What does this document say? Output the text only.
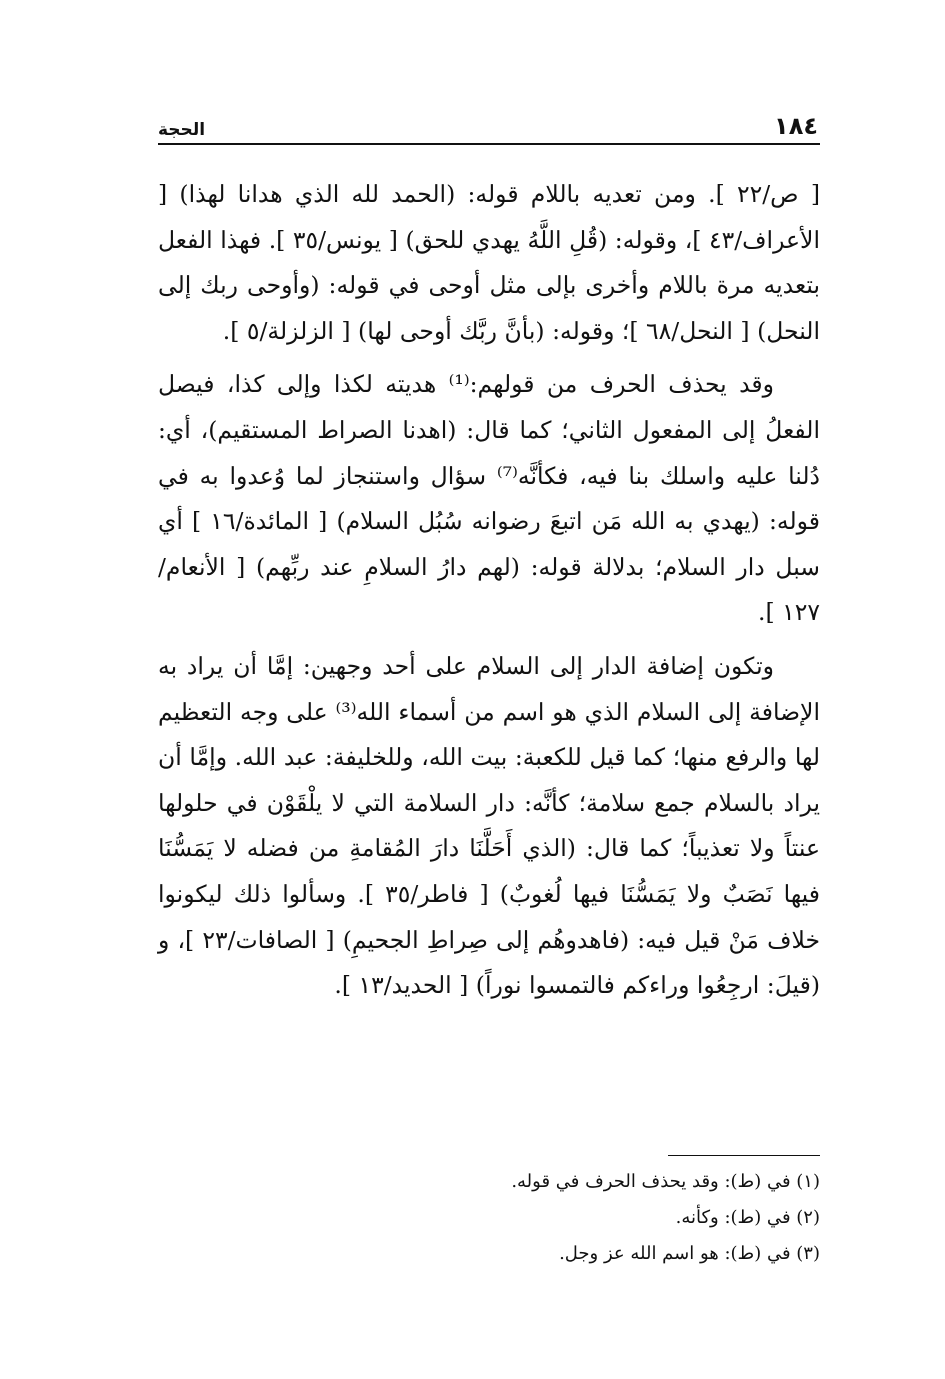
١٨٤
الحجة

[ ص/٢٢ ]. ومن تعديه باللام قوله: (الحمد لله الذي هدانا لهذا) [ الأعراف/٤٣ ]، وقوله: (قُلِ اللَّهُ يهدي للحق) [ يونس/٣٥ ]. فهذا الفعل بتعديه مرة باللام وأخرى بإلى مثل أوحى في قوله: (وأوحى ربك إلى النحل) [ النحل/٦٨ ]؛ وقوله: (بأنَّ ربَّك أوحى لها) [ الزلزلة/٥ ].

وقد يحذف الحرف من قولهم:⁽¹⁾ هديته لكذا وإلى كذا، فيصل الفعلُ إلى المفعول الثاني؛ كما قال: (اهدنا الصراط المستقيم)، أي: دُلنا عليه واسلك بنا فيه، فكأنَّه⁽⁷⁾ سؤال واستنجاز لما وُعدوا به في قوله: (يهدي به الله مَن اتبعَ رضوانه سُبُل السلام) [ المائدة/١٦ ] أي سبل دار السلام؛ بدلالة قوله: (لهم دارُ السلامِ عند ربِّهم) [ الأنعام/١٢٧ ].

وتكون إضافة الدار إلى السلام على أحد وجهين: إمَّا أن يراد به الإضافة إلى السلام الذي هو اسم من أسماء الله⁽³⁾ على وجه التعظيم لها والرفع منها؛ كما قيل للكعبة: بيت الله، وللخليفة: عبد الله. وإمَّا أن يراد بالسلام جمع سلامة؛ كأنَّه: دار السلامة التي لا يلْقَوْن في حلولها عنتاً ولا تعذيباً؛ كما قال: (الذي أَحَلَّنَا دارَ المُقامةِ من فضله لا يَمَسُّنَا فيها نَصَبٌ ولا يَمَسُّنَا فيها لُغوبٌ) [ فاطر/٣٥ ]. وسألوا ذلك ليكونوا خلاف مَنْ قيل فيه: (فاهدوهُم إلى صِراطِ الجحيمِ) [ الصافات/٢٣ ]، و (قيلَ: ارجِعُوا وراءكم فالتمسوا نوراً) [ الحديد/١٣ ].

(١) في (ط): وقد يحذف الحرف في قوله.

(٢) في (ط): وكأنه.

(٣) في (ط): هو اسم الله عز وجل.
